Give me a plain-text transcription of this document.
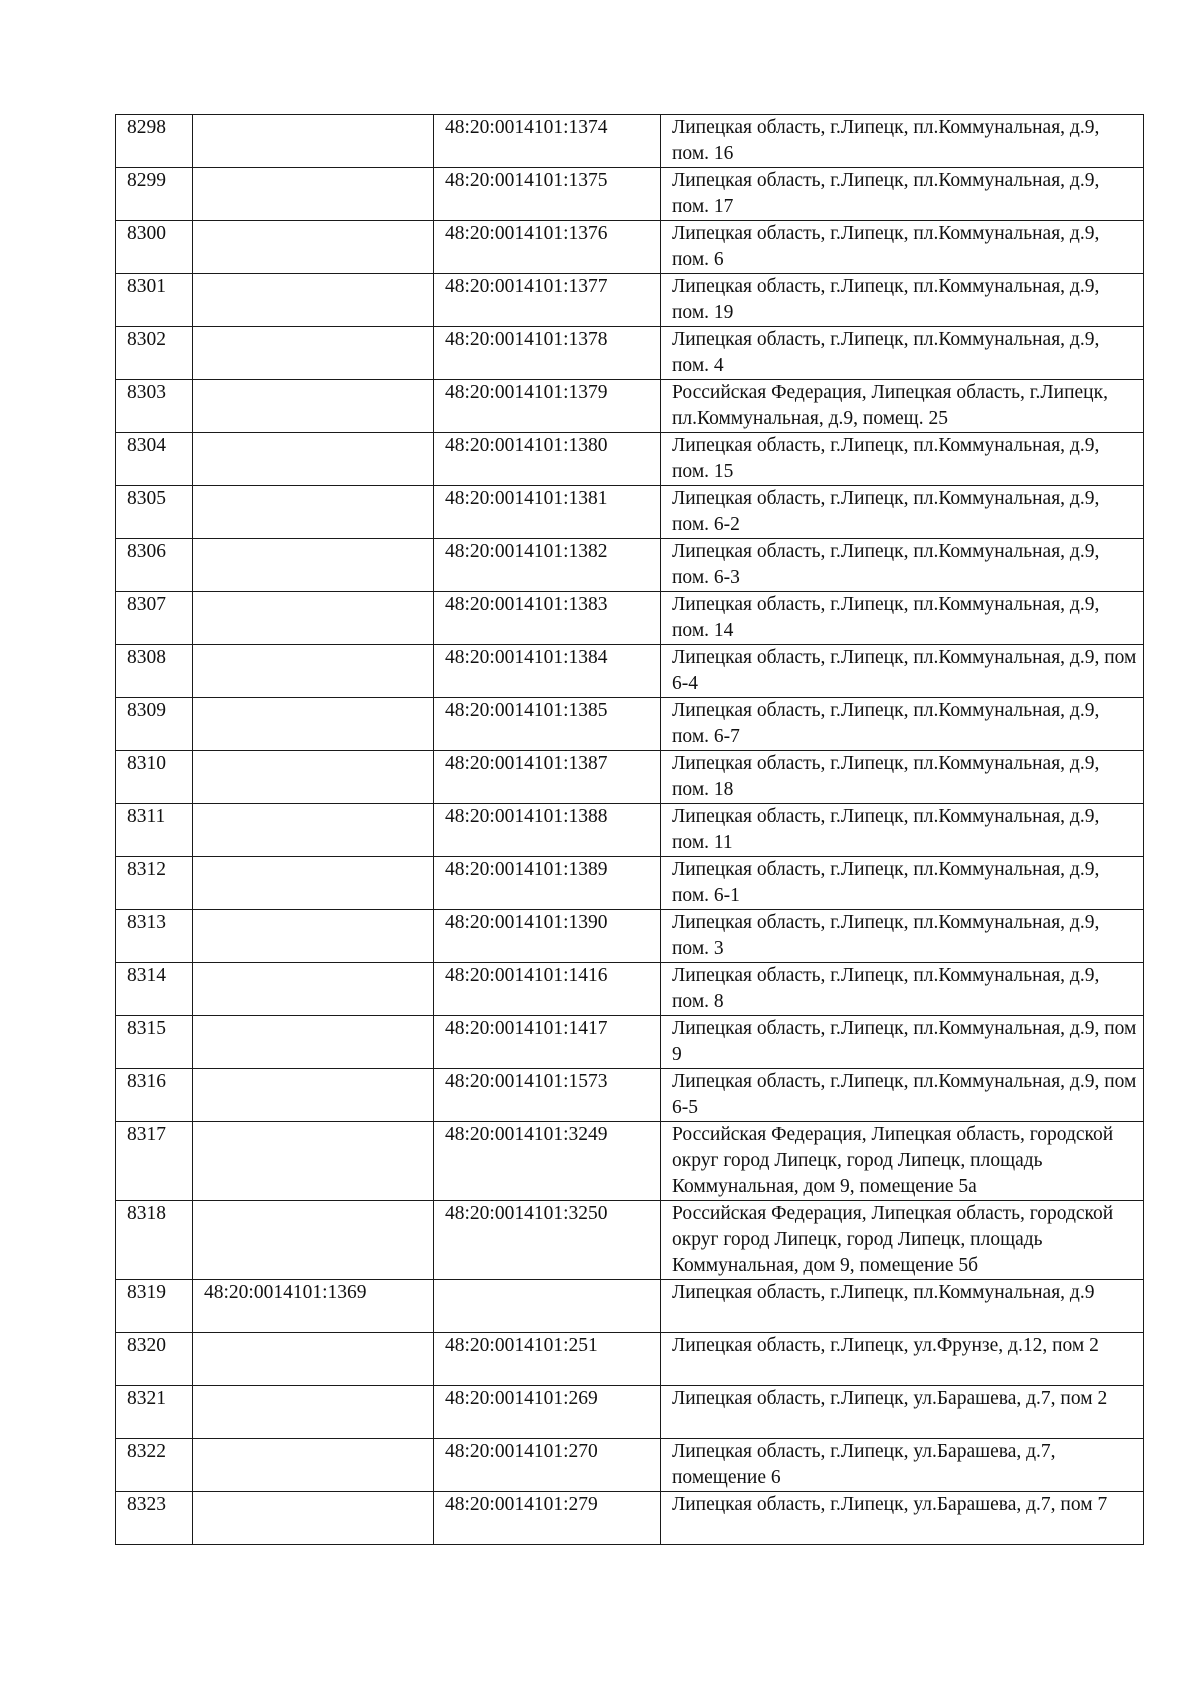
8298		48:20:0014101:1374	Липецкая область, г.Липецк, пл.Коммунальная, д.9, пом. 16
8299		48:20:0014101:1375	Липецкая область, г.Липецк, пл.Коммунальная, д.9, пом. 17
8300		48:20:0014101:1376	Липецкая область, г.Липецк, пл.Коммунальная, д.9, пом. 6
8301		48:20:0014101:1377	Липецкая область, г.Липецк, пл.Коммунальная, д.9, пом. 19
8302		48:20:0014101:1378	Липецкая область, г.Липецк, пл.Коммунальная, д.9, пом. 4
8303		48:20:0014101:1379	Российская Федерация, Липецкая область, г.Липецк, пл.Коммунальная, д.9, помещ. 25
8304		48:20:0014101:1380	Липецкая область, г.Липецк, пл.Коммунальная, д.9, пом. 15
8305		48:20:0014101:1381	Липецкая область, г.Липецк, пл.Коммунальная, д.9, пом. 6-2
8306		48:20:0014101:1382	Липецкая область, г.Липецк, пл.Коммунальная, д.9, пом. 6-3
8307		48:20:0014101:1383	Липецкая область, г.Липецк, пл.Коммунальная, д.9, пом. 14
8308		48:20:0014101:1384	Липецкая область, г.Липецк, пл.Коммунальная, д.9, пом 6-4
8309		48:20:0014101:1385	Липецкая область, г.Липецк, пл.Коммунальная, д.9, пом. 6-7
8310		48:20:0014101:1387	Липецкая область, г.Липецк, пл.Коммунальная, д.9, пом. 18
8311		48:20:0014101:1388	Липецкая область, г.Липецк, пл.Коммунальная, д.9, пом. 11
8312		48:20:0014101:1389	Липецкая область, г.Липецк, пл.Коммунальная, д.9, пом. 6-1
8313		48:20:0014101:1390	Липецкая область, г.Липецк, пл.Коммунальная, д.9, пом. 3
8314		48:20:0014101:1416	Липецкая область, г.Липецк, пл.Коммунальная, д.9, пом. 8
8315		48:20:0014101:1417	Липецкая область, г.Липецк, пл.Коммунальная, д.9, пом 9
8316		48:20:0014101:1573	Липецкая область, г.Липецк, пл.Коммунальная, д.9, пом 6-5
8317		48:20:0014101:3249	Российская Федерация, Липецкая область, городской округ город Липецк, город Липецк, площадь Коммунальная, дом 9, помещение 5а
8318		48:20:0014101:3250	Российская Федерация, Липецкая область, городской округ город Липецк, город Липецк, площадь Коммунальная, дом 9, помещение 5б
8319	48:20:0014101:1369		Липецкая область, г.Липецк, пл.Коммунальная, д.9
8320		48:20:0014101:251	Липецкая область, г.Липецк, ул.Фрунзе, д.12, пом 2
8321		48:20:0014101:269	Липецкая область, г.Липецк, ул.Барашева, д.7, пом 2
8322		48:20:0014101:270	Липецкая область, г.Липецк, ул.Барашева, д.7, помещение 6
8323		48:20:0014101:279	Липецкая область, г.Липецк, ул.Барашева, д.7, пом 7
